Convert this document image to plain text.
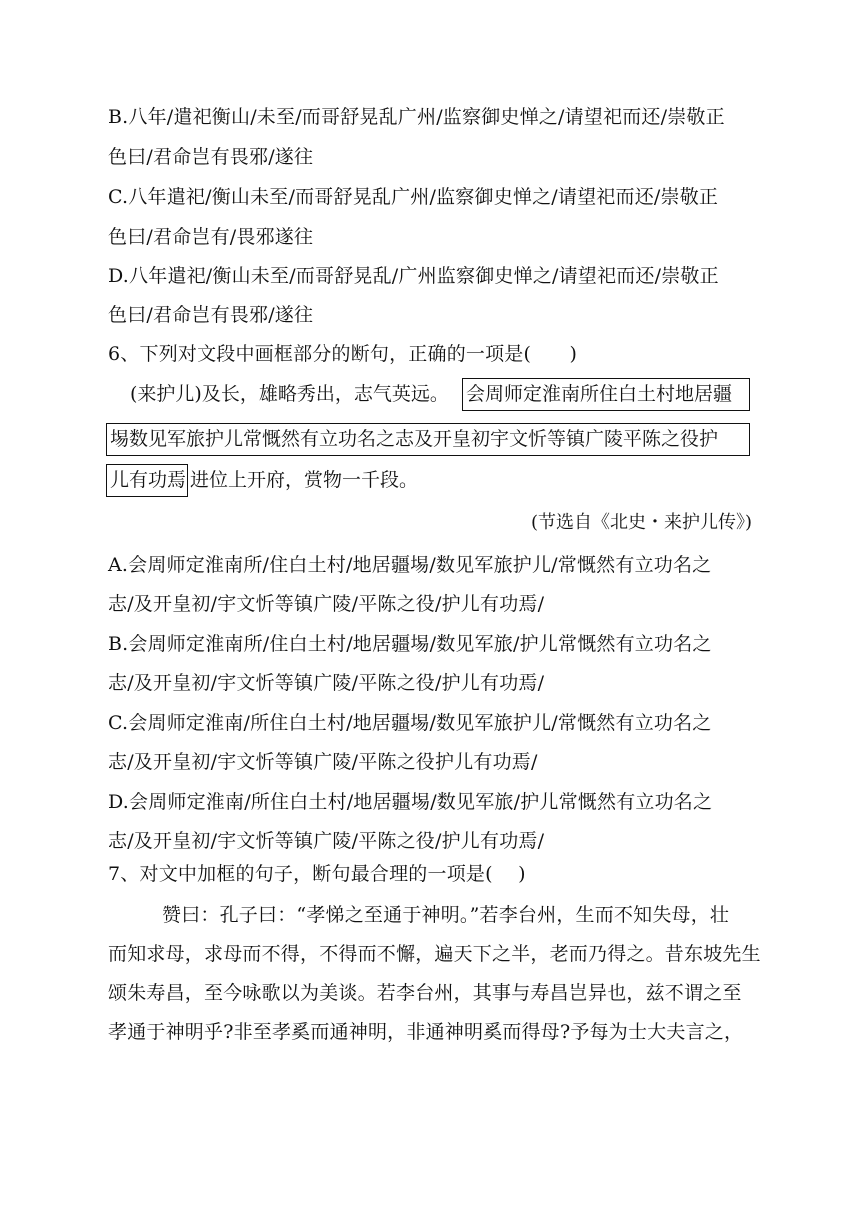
B.八年/遣祀衡山/未至/而哥舒晃乱广州/监察御史惮之/请望祀而还/崇敬正
色曰/君命岂有畏邪/遂往
C.八年遣祀/衡山未至/而哥舒晃乱广州/监察御史惮之/请望祀而还/崇敬正
色曰/君命岂有/畏邪遂往
D.八年遣祀/衡山未至/而哥舒晃乱/广州监察御史惮之/请望祀而还/崇敬正
色曰/君命岂有畏邪/遂往
6、下列对文段中画框部分的断句，正确的一项是(　　)
(来护儿)及长，雄略秀出，志气英远。 会周师定淮南所住白土村地居疆
埸数见军旅护儿常慨然有立功名之志及开皇初宇文忻等镇广陵平陈之役护
儿有功焉 进位上开府，赏物一千段。
(节选自《北史・来护儿传》)
A.会周师定淮南所/住白土村/地居疆埸/数见军旅护儿/常慨然有立功名之
志/及开皇初/宇文忻等镇广陵/平陈之役/护儿有功焉/
B.会周师定淮南所/住白土村/地居疆埸/数见军旅/护儿常慨然有立功名之
志/及开皇初/宇文忻等镇广陵/平陈之役/护儿有功焉/
C.会周师定淮南/所住白土村/地居疆埸/数见军旅护儿/常慨然有立功名之
志/及开皇初/宇文忻等镇广陵/平陈之役护儿有功焉/
D.会周师定淮南/所住白土村/地居疆埸/数见军旅/护儿常慨然有立功名之
志/及开皇初/宇文忻等镇广陵/平陈之役/护儿有功焉/
7、对文中加框的句子，断句最合理的一项是(　 )
赞曰：孔子曰：“孝悌之至通于神明。”若李台州，生而不知失母，壮
而知求母，求母而不得，不得而不懈，遍天下之半，老而乃得之。昔东坡先生
颂朱寿昌，至今咏歌以为美谈。若李台州，其事与寿昌岂异也，兹不谓之至
孝通于神明乎?非至孝奚而通神明，非通神明奚而得母?予每为士大夫言之，
